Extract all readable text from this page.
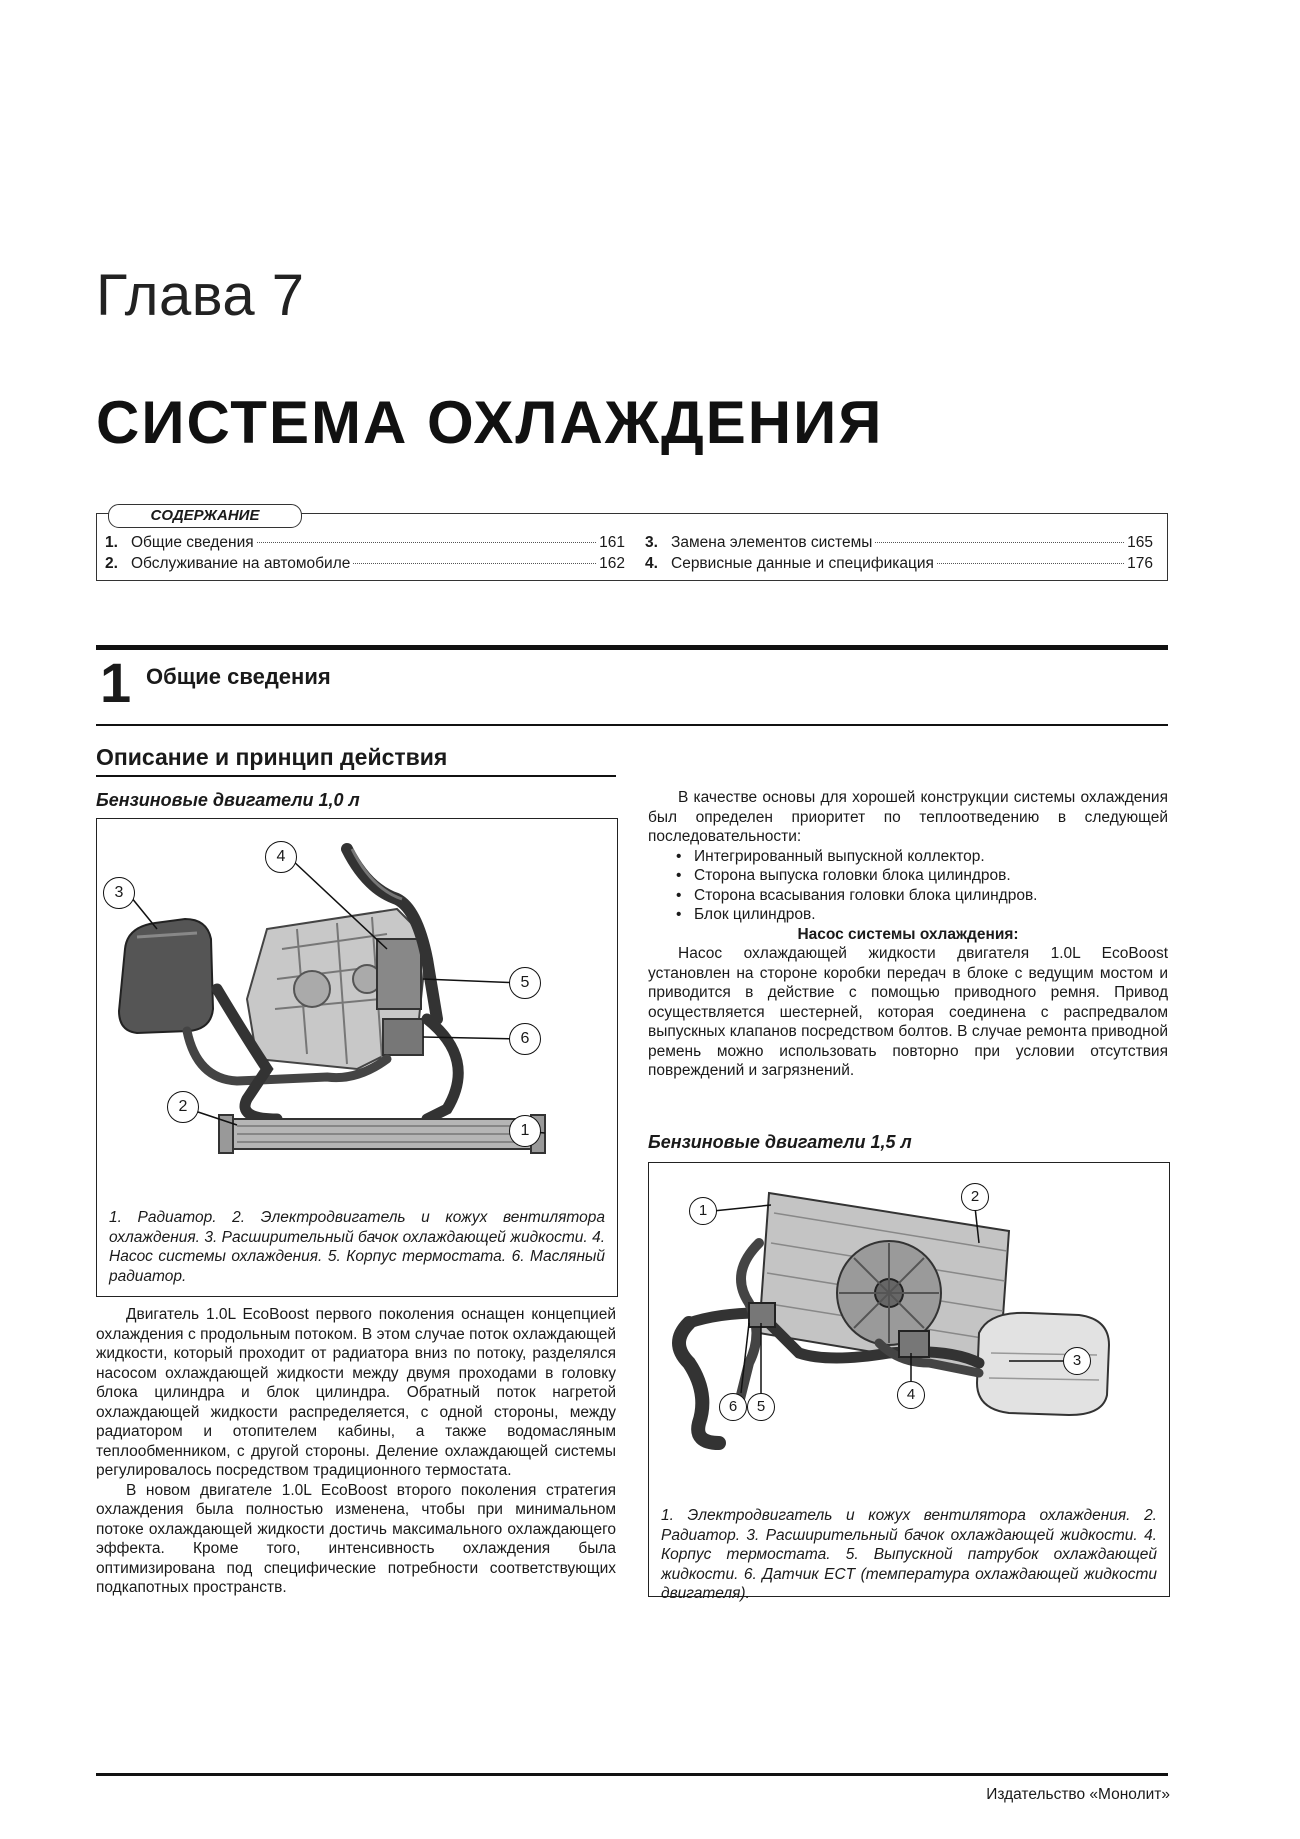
Глава 7
СИСТЕМА ОХЛАЖДЕНИЯ
1. Общие сведения	161
2. Обслуживание на автомобиле	162
3. Замена элементов системы	165
4. Сервисные данные и спецификация	176
СОДЕРЖАНИЕ
1 Общие сведения
Описание и принцип действия
Бензиновые двигатели 1,0 л
1
2
3
4
5
6
1. Радиатор. 2. Электродвигатель и кожух вентилятора охлаждения. 3. Расширительный бачок охлаждающей жидкости. 4. Насос системы охлаждения. 5. Корпус термостата. 6. Масляный радиатор.

Двигатель 1.0L EcoBoost первого поколения оснащен концепцией охлаждения с продольным потоком. В этом случае поток охлаждающей жидкости, который проходит от радиатора вниз по потоку, разделялся насосом охлаждающей жидкости между двумя проходами в головку блока цилиндра и блок цилиндра. Обратный поток нагретой охлаждающей жидкости распределяется, с одной стороны, между радиатором и отопителем кабины, а также водомасляным теплообменником, с другой стороны. Деление охлаждающей системы регулировалось посредством традиционного термостата.

В новом двигателе 1.0L EcoBoost второго поколения стратегия охлаждения была полностью изменена, чтобы при минимальном потоке охлаждающей жидкости достичь максимального охлаждающего эффекта. Кроме того, интенсивность охлаждения была оптимизирована под специфические потребности соответствующих подкапотных пространств.

В качестве основы для хорошей конструкции системы охлаждения был определен приоритет по теплоотведению в следующей последовательности:

• Интегрированный выпускной коллектор.
• Сторона выпуска головки блока цилиндров.
• Сторона всасывания головки блока цилиндров.
• Блок цилиндров.
Насос системы охлаждения:

Насос охлаждающей жидкости двигателя 1.0L EcoBoost установлен на стороне коробки передач в блоке с ведущим мостом и приводится в действие с помощью приводного ремня. Привод осуществляется шестерней, которая соединена с распредвалом выпускных клапанов посредством болтов. В случае ремонта приводной ремень можно использовать повторно при условии отсутствия повреждений и загрязнений.

Бензиновые двигатели 1,5 л
1
2
3
4
5
6
1. Электродвигатель и кожух вентилятора охлаждения. 2. Радиатор. 3. Расширительный бачок охлаждающей жидкости. 4. Корпус термостата. 5. Выпускной патрубок охлаждающей жидкости. 6. Датчик ECT (температура охлаждающей жидкости двигателя).
Издательство «Монолит»
